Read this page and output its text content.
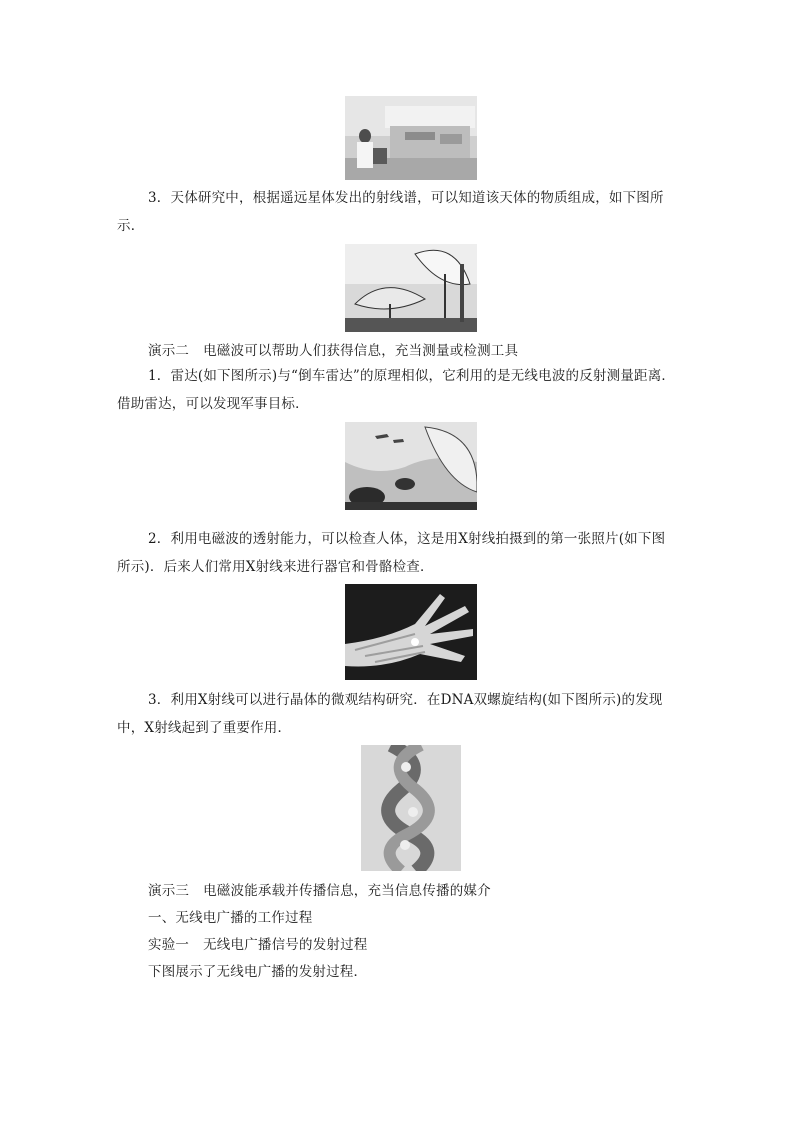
3．天体研究中，根据遥远星体发出的射线谱，可以知道该天体的物质组成，如下图所示．
演示二 电磁波可以帮助人们获得信息，充当测量或检测工具
1．雷达(如下图所示)与“倒车雷达”的原理相似，它利用的是无线电波的反射测量距离．借助雷达，可以发现军事目标．
2．利用电磁波的透射能力，可以检查人体，这是用X射线拍摄到的第一张照片(如下图所示)．后来人们常用X射线来进行器官和骨骼检查．
3．利用X射线可以进行晶体的微观结构研究．在DNA双螺旋结构(如下图所示)的发现中，X射线起到了重要作用．
演示三 电磁波能承载并传播信息，充当信息传播的媒介
一、无线电广播的工作过程
实验一 无线电广播信号的发射过程
下图展示了无线电广播的发射过程．
